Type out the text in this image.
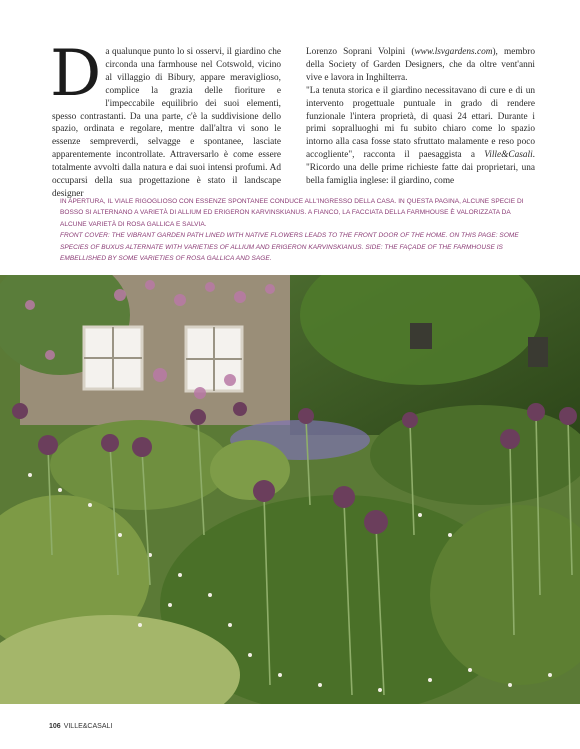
Da qualunque punto lo si osservi, il giardino che circonda una farmhouse nel Cotswold, vicino al villaggio di Bibury, appare meraviglioso, complice la grazia delle fioriture e l'impeccabile equilibrio dei suoi elementi, spesso contrastanti. Da una parte, c'è la suddivisione dello spazio, ordinata e regolare, mentre dall'altra vi sono le essenze sempreverdi, selvagge e spontanee, lasciate apparentemente incontrollate. Attraversarlo è come essere totalmente avvolti dalla natura e dai suoi intensi profumi. Ad occuparsi della sua progettazione è stato il landscape designer

Lorenzo Soprani Volpini (www.lsvgardens.com), membro della Society of Garden Designers, che da oltre vent'anni vive e lavora in Inghilterra.

"La tenuta storica e il giardino necessitavano di cure e di un intervento progettuale puntuale in grado di rendere funzionale l'intera proprietà, di quasi 24 ettari. Durante i primi sopralluoghi mi fu subito chiaro come lo spazio intorno alla casa fosse stato sfruttato malamente e reso poco accogliente", racconta il paesaggista a Ville&Casali. "Ricordo una delle prime richieste fatte dai proprietari, una bella famiglia inglese: il giardino, come

IN APERTURA, IL VIALE RIGOGLIOSO CON ESSENZE SPONTANEE CONDUCE ALL'INGRESSO DELLA CASA. IN QUESTA PAGINA, ALCUNE SPECIE DI BOSSO SI ALTERNANO A VARIETÀ DI ALLIUM ED ERIGERON KARVINSKIANUS. A FIANCO, LA FACCIATA DELLA FARMHOUSE È VALORIZZATA DA ALCUNE VARIETÀ DI ROSA GALLICA E SALVIA.

FRONT COVER: THE VIBRANT GARDEN PATH LINED WITH NATIVE FLOWERS LEADS TO THE FRONT DOOR OF THE HOME. ON THIS PAGE: SOME SPECIES OF BUXUS ALTERNATE WITH VARIETIES OF ALLIUM AND ERIGERON KARVINSKIANUS. SIDE: THE FAÇADE OF THE FARMHOUSE IS EMBELLISHED BY SOME VARIETIES OF ROSA GALLICA AND SAGE.

106 VILLE&CASALI
